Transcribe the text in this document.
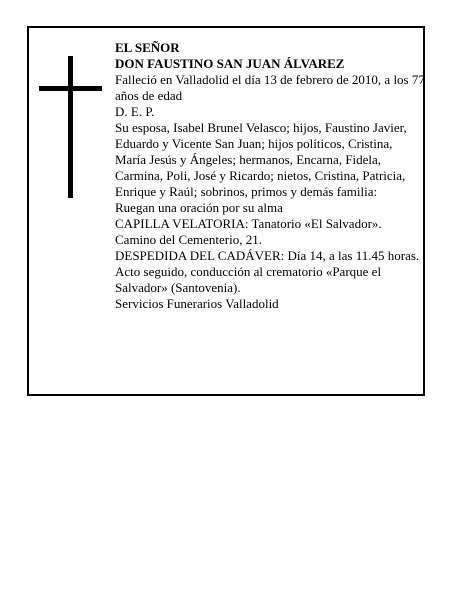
EL SEÑOR

DON FAUSTINO SAN JUAN ÁLVAREZ

Falleció en Valladolid el día 13 de febrero de 2010, a los 77 años de edad

D. E. P.

Su esposa, Isabel Brunel Velasco; hijos, Faustino Javier, Eduardo y Vicente San Juan; hijos políticos, Cristina, María Jesús y Ángeles; hermanos, Encarna, Fidela, Carmina, Poli, José y Ricardo; nietos, Cristina, Patricia, Enrique y Raúl; sobrinos, primos y demás familia:

Ruegan una oración por su alma

CAPILLA VELATORIA: Tanatorio «El Salvador». Camino del Cementerio, 21.

DESPEDIDA DEL CADÁVER: Día 14, a las 11.45 horas. Acto seguido, conducción al crematorio «Parque el Salvador» (Santovenia).

Servicios Funerarios Valladolid
